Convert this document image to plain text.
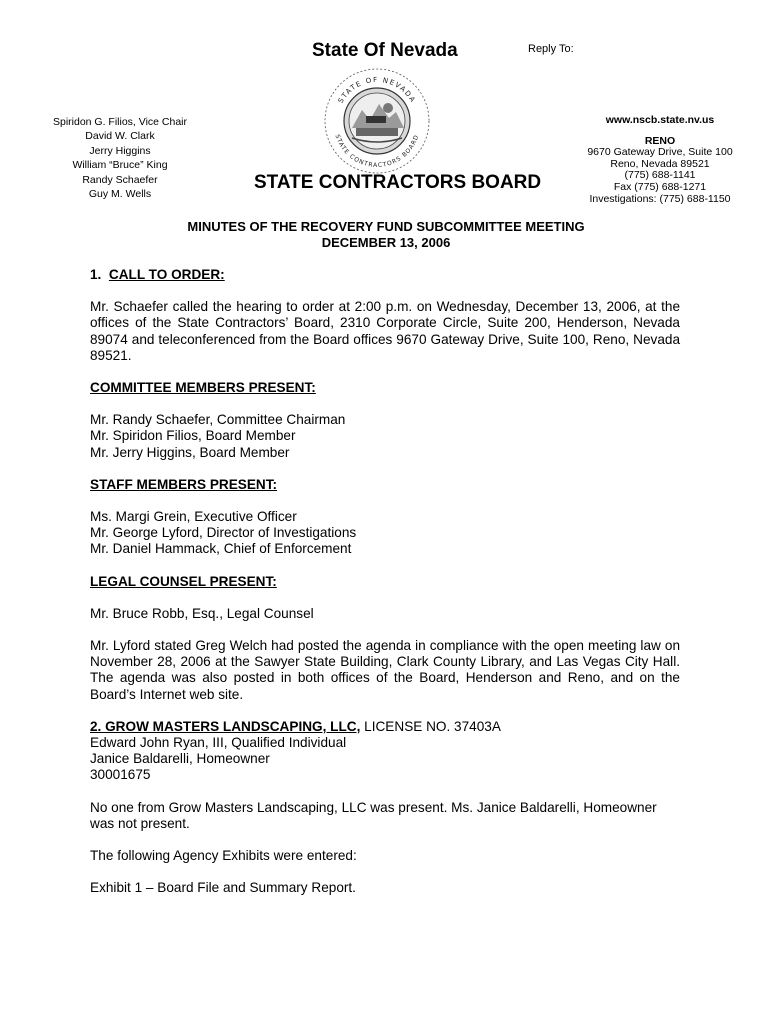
State Of Nevada	Reply To:
STATE OF NEVADA
STATE CONTRACTORS BOARD
Spiridon G. Filios, Vice Chair
David W. Clark
Jerry Higgins
William “Bruce” King
Randy Schaefer
Guy M. Wells
www.nscb.state.nv.us
RENO
9670 Gateway Drive, Suite 100
Reno, Nevada 89521
(775) 688-1141
Fax (775) 688-1271
Investigations: (775) 688-1150
STATE CONTRACTORS BOARD
MINUTES OF THE RECOVERY FUND SUBCOMMITTEE MEETING
DECEMBER 13, 2006

1. CALL TO ORDER:

Mr. Schaefer called the hearing to order at 2:00 p.m. on Wednesday, December 13, 2006, at the offices of the State Contractors’ Board, 2310 Corporate Circle, Suite 200, Henderson, Nevada 89074 and teleconferenced from the Board offices 9670 Gateway Drive, Suite 100, Reno, Nevada 89521.

COMMITTEE MEMBERS PRESENT:

Mr. Randy Schaefer, Committee Chairman

Mr. Spiridon Filios, Board Member

Mr. Jerry Higgins, Board Member

STAFF MEMBERS PRESENT:

Ms. Margi Grein, Executive Officer

Mr. George Lyford, Director of Investigations

Mr. Daniel Hammack, Chief of Enforcement

LEGAL COUNSEL PRESENT:

Mr. Bruce Robb, Esq., Legal Counsel

Mr. Lyford stated Greg Welch had posted the agenda in compliance with the open meeting law on November 28, 2006 at the Sawyer State Building, Clark County Library, and Las Vegas City Hall. The agenda was also posted in both offices of the Board, Henderson and Reno, and on the Board’s Internet web site.

2. GROW MASTERS LANDSCAPING, LLC, LICENSE NO. 37403A

Edward John Ryan, III, Qualified Individual

Janice Baldarelli, Homeowner

30001675

No one from Grow Masters Landscaping, LLC was present. Ms. Janice Baldarelli, Homeowner was not present.

The following Agency Exhibits were entered:

Exhibit 1 – Board File and Summary Report.
